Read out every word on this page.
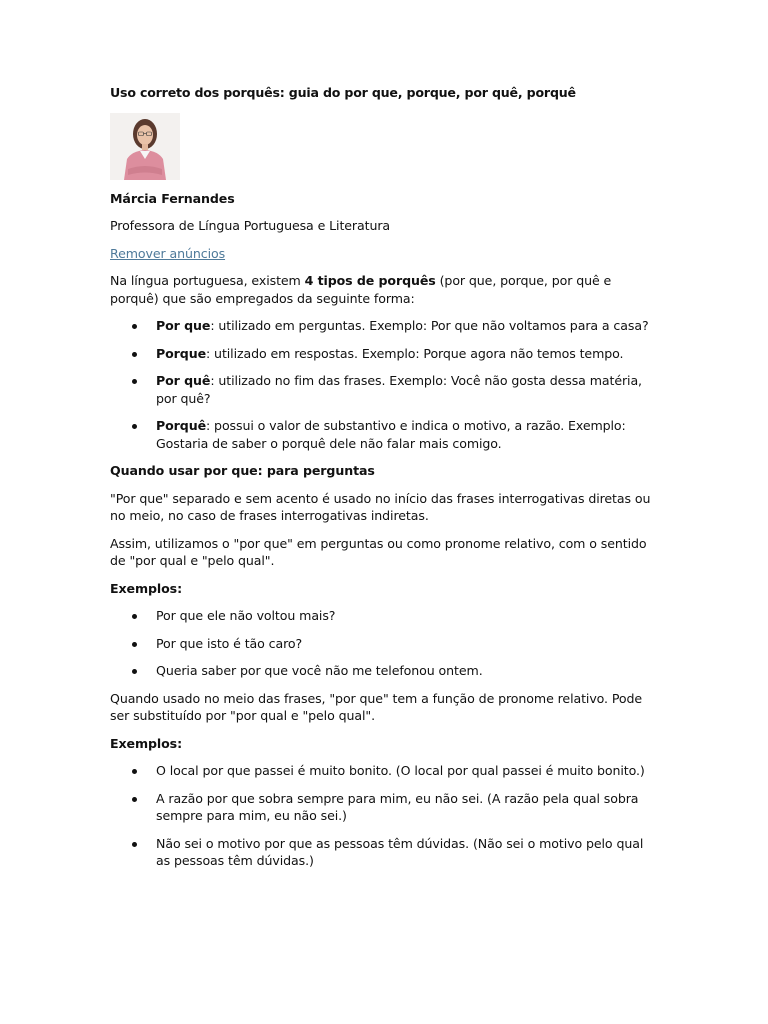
Uso correto dos porquês: guia do por que, porque, por quê, porquê
Márcia Fernandes

Professora de Língua Portuguesa e Literatura

Remover anúncios

Na língua portuguesa, existem 4 tipos de porquês (por que, porque, por quê e porquê) que são empregados da seguinte forma:

Por que: utilizado em perguntas. Exemplo: Por que não voltamos para a casa?
Porque: utilizado em respostas. Exemplo: Porque agora não temos tempo.
Por quê: utilizado no fim das frases. Exemplo: Você não gosta dessa matéria, por quê?
Porquê: possui o valor de substantivo e indica o motivo, a razão. Exemplo: Gostaria de saber o porquê dele não falar mais comigo.
Quando usar por que: para perguntas

"Por que" separado e sem acento é usado no início das frases interrogativas diretas ou no meio, no caso de frases interrogativas indiretas.

Assim, utilizamos o "por que" em perguntas ou como pronome relativo, com o sentido de "por qual e "pelo qual".

Exemplos:
Por que ele não voltou mais?
Por que isto é tão caro?
Queria saber por que você não me telefonou ontem.

Quando usado no meio das frases, "por que" tem a função de pronome relativo. Pode ser substituído por "por qual e "pelo qual".

Exemplos:
O local por que passei é muito bonito. (O local por qual passei é muito bonito.)
A razão por que sobra sempre para mim, eu não sei. (A razão pela qual sobra sempre para mim, eu não sei.)
Não sei o motivo por que as pessoas têm dúvidas. (Não sei o motivo pelo qual as pessoas têm dúvidas.)
